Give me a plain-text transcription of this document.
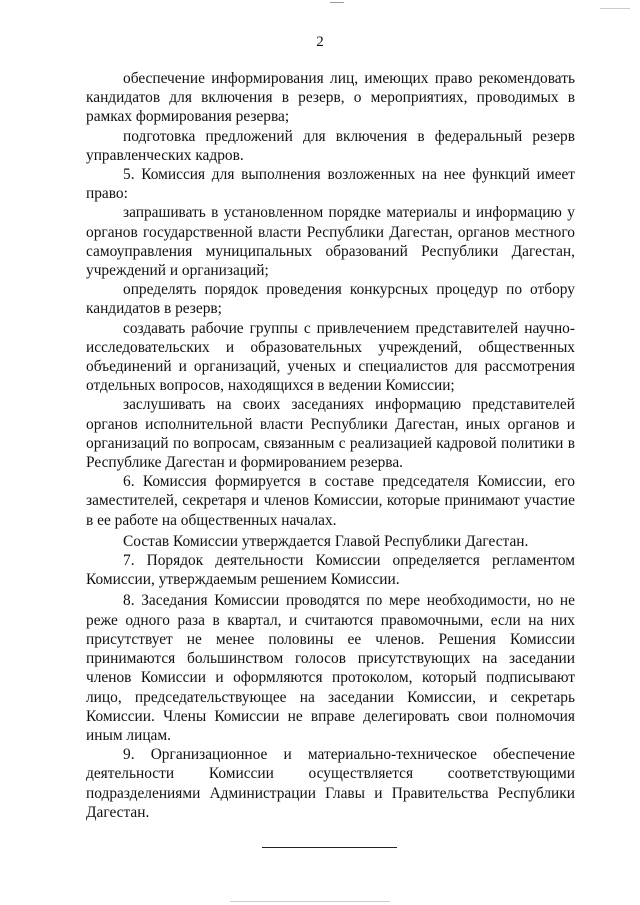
2

обеспечение информирования лиц, имеющих право рекомендовать кандидатов для включения в резерв, о мероприятиях, проводимых в рамках формирования резерва;

подготовка предложений для включения в федеральный резерв управленческих кадров.

5. Комиссия для выполнения возложенных на нее функций имеет право:

запрашивать в установленном порядке материалы и информацию у органов государственной власти Республики Дагестан, органов местного самоуправления муниципальных образований Республики Дагестан, учреждений и организаций;

определять порядок проведения конкурсных процедур по отбору кандидатов в резерв;

создавать рабочие группы с привлечением представителей научно-исследовательских и образовательных учреждений, общественных объединений и организаций, ученых и специалистов для рассмотрения отдельных вопросов, находящихся в ведении Комиссии;

заслушивать на своих заседаниях информацию представителей органов исполнительной власти Республики Дагестан, иных органов и организаций по вопросам, связанным с реализацией кадровой политики в Республике Дагестан и формированием резерва.

6. Комиссия формируется в составе председателя Комиссии, его заместителей, секретаря и членов Комиссии, которые принимают участие в ее работе на общественных началах.

Состав Комиссии утверждается Главой Республики Дагестан.

7. Порядок деятельности Комиссии определяется регламентом Комиссии, утверждаемым решением Комиссии.

8. Заседания Комиссии проводятся по мере необходимости, но не реже одного раза в квартал, и считаются правомочными, если на них присутствует не менее половины ее членов. Решения Комиссии принимаются большинством голосов присутствующих на заседании членов Комиссии и оформляются протоколом, который подписывают лицо, председательствующее на заседании Комиссии, и секретарь Комиссии. Члены Комиссии не вправе делегировать свои полномочия иным лицам.

9. Организационное и материально-техническое обеспечение деятельности Комиссии осуществляется соответствующими подразделениями Администрации Главы и Правительства Республики Дагестан.
